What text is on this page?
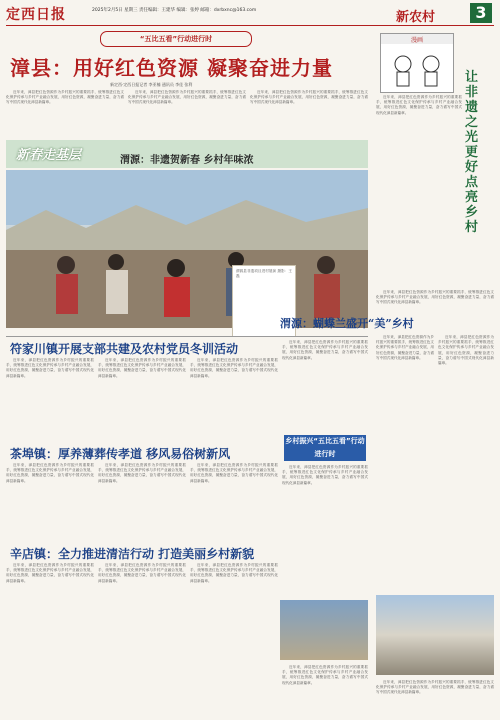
定西日报	2025年2月5日 星期三 责任编辑：王建华 编辑：张婷 邮箱：dxrbxnc@163.com	新农村	3
“五比五看”行动进行时
漳县：用好红色资源 凝聚奋进力量
新定西·定西日报记者 李亚楠 通讯员 李佳 张利

近年来，漳县把红色资源作为乡村振兴的重要抓手，统筹推进红色文化保护传承与乡村产业融合发展，用好红色资源，凝聚奋进力量，奋力谱写中国式现代化漳县新篇章。

近年来，漳县把红色资源作为乡村振兴的重要抓手，统筹推进红色文化保护传承与乡村产业融合发展，用好红色资源，凝聚奋进力量，奋力谱写中国式现代化漳县新篇章。

近年来，漳县把红色资源作为乡村振兴的重要抓手，统筹推进红色文化保护传承与乡村产业融合发展，用好红色资源，凝聚奋进力量，奋力谱写中国式现代化漳县新篇章。

新春走基层	渭源：非遗贺新春 乡村年味浓
渭源县非遗项目进村展演 摄影：王磊
漫画
让非遗之光更好点亮乡村

近年来，漳县把红色资源作为乡村振兴的重要抓手，统筹推进红色文化保护传承与乡村产业融合发展，用好红色资源，凝聚奋进力量，奋力谱写中国式现代化漳县新篇章。

近年来，漳县把红色资源作为乡村振兴的重要抓手，统筹推进红色文化保护传承与乡村产业融合发展，用好红色资源，凝聚奋进力量，奋力谱写中国式现代化漳县新篇章。

渭源：蝴蝶兰盛开“美”乡村

近年来，漳县把红色资源作为乡村振兴的重要抓手，统筹推进红色文化保护传承与乡村产业融合发展，用好红色资源，凝聚奋进力量，奋力谱写中国式现代化漳县新篇章。

近年来，漳县把红色资源作为乡村振兴的重要抓手，统筹推进红色文化保护传承与乡村产业融合发展，用好红色资源，凝聚奋进力量，奋力谱写中国式现代化漳县新篇章。

符家川镇开展支部共建及农村党员冬训活动

近年来，漳县把红色资源作为乡村振兴的重要抓手，统筹推进红色文化保护传承与乡村产业融合发展，用好红色资源，凝聚奋进力量，奋力谱写中国式现代化漳县新篇章。

近年来，漳县把红色资源作为乡村振兴的重要抓手，统筹推进红色文化保护传承与乡村产业融合发展，用好红色资源，凝聚奋进力量，奋力谱写中国式现代化漳县新篇章。

近年来，漳县把红色资源作为乡村振兴的重要抓手，统筹推进红色文化保护传承与乡村产业融合发展，用好红色资源，凝聚奋进力量，奋力谱写中国式现代化漳县新篇章。

近年来，漳县把红色资源作为乡村振兴的重要抓手，统筹推进红色文化保护传承与乡村产业融合发展，用好红色资源，凝聚奋进力量，奋力谱写中国式现代化漳县新篇章。

乡村振兴“五比五看”行动进行时
茶埠镇：厚养薄葬传孝道 移风易俗树新风

近年来，漳县把红色资源作为乡村振兴的重要抓手，统筹推进红色文化保护传承与乡村产业融合发展，用好红色资源，凝聚奋进力量，奋力谱写中国式现代化漳县新篇章。

近年来，漳县把红色资源作为乡村振兴的重要抓手，统筹推进红色文化保护传承与乡村产业融合发展，用好红色资源，凝聚奋进力量，奋力谱写中国式现代化漳县新篇章。

近年来，漳县把红色资源作为乡村振兴的重要抓手，统筹推进红色文化保护传承与乡村产业融合发展，用好红色资源，凝聚奋进力量，奋力谱写中国式现代化漳县新篇章。

近年来，漳县把红色资源作为乡村振兴的重要抓手，统筹推进红色文化保护传承与乡村产业融合发展，用好红色资源，凝聚奋进力量，奋力谱写中国式现代化漳县新篇章。

辛店镇：全力推进清洁行动 打造美丽乡村新貌

近年来，漳县把红色资源作为乡村振兴的重要抓手，统筹推进红色文化保护传承与乡村产业融合发展，用好红色资源，凝聚奋进力量，奋力谱写中国式现代化漳县新篇章。

近年来，漳县把红色资源作为乡村振兴的重要抓手，统筹推进红色文化保护传承与乡村产业融合发展，用好红色资源，凝聚奋进力量，奋力谱写中国式现代化漳县新篇章。

近年来，漳县把红色资源作为乡村振兴的重要抓手，统筹推进红色文化保护传承与乡村产业融合发展，用好红色资源，凝聚奋进力量，奋力谱写中国式现代化漳县新篇章。

近年来，漳县把红色资源作为乡村振兴的重要抓手，统筹推进红色文化保护传承与乡村产业融合发展，用好红色资源，凝聚奋进力量，奋力谱写中国式现代化漳县新篇章。	近年来，漳县把红色资源作为乡村振兴的重要抓手，统筹推进红色文化保护传承与乡村产业融合发展，用好红色资源，凝聚奋进力量，奋力谱写中国式现代化漳县新篇章。
